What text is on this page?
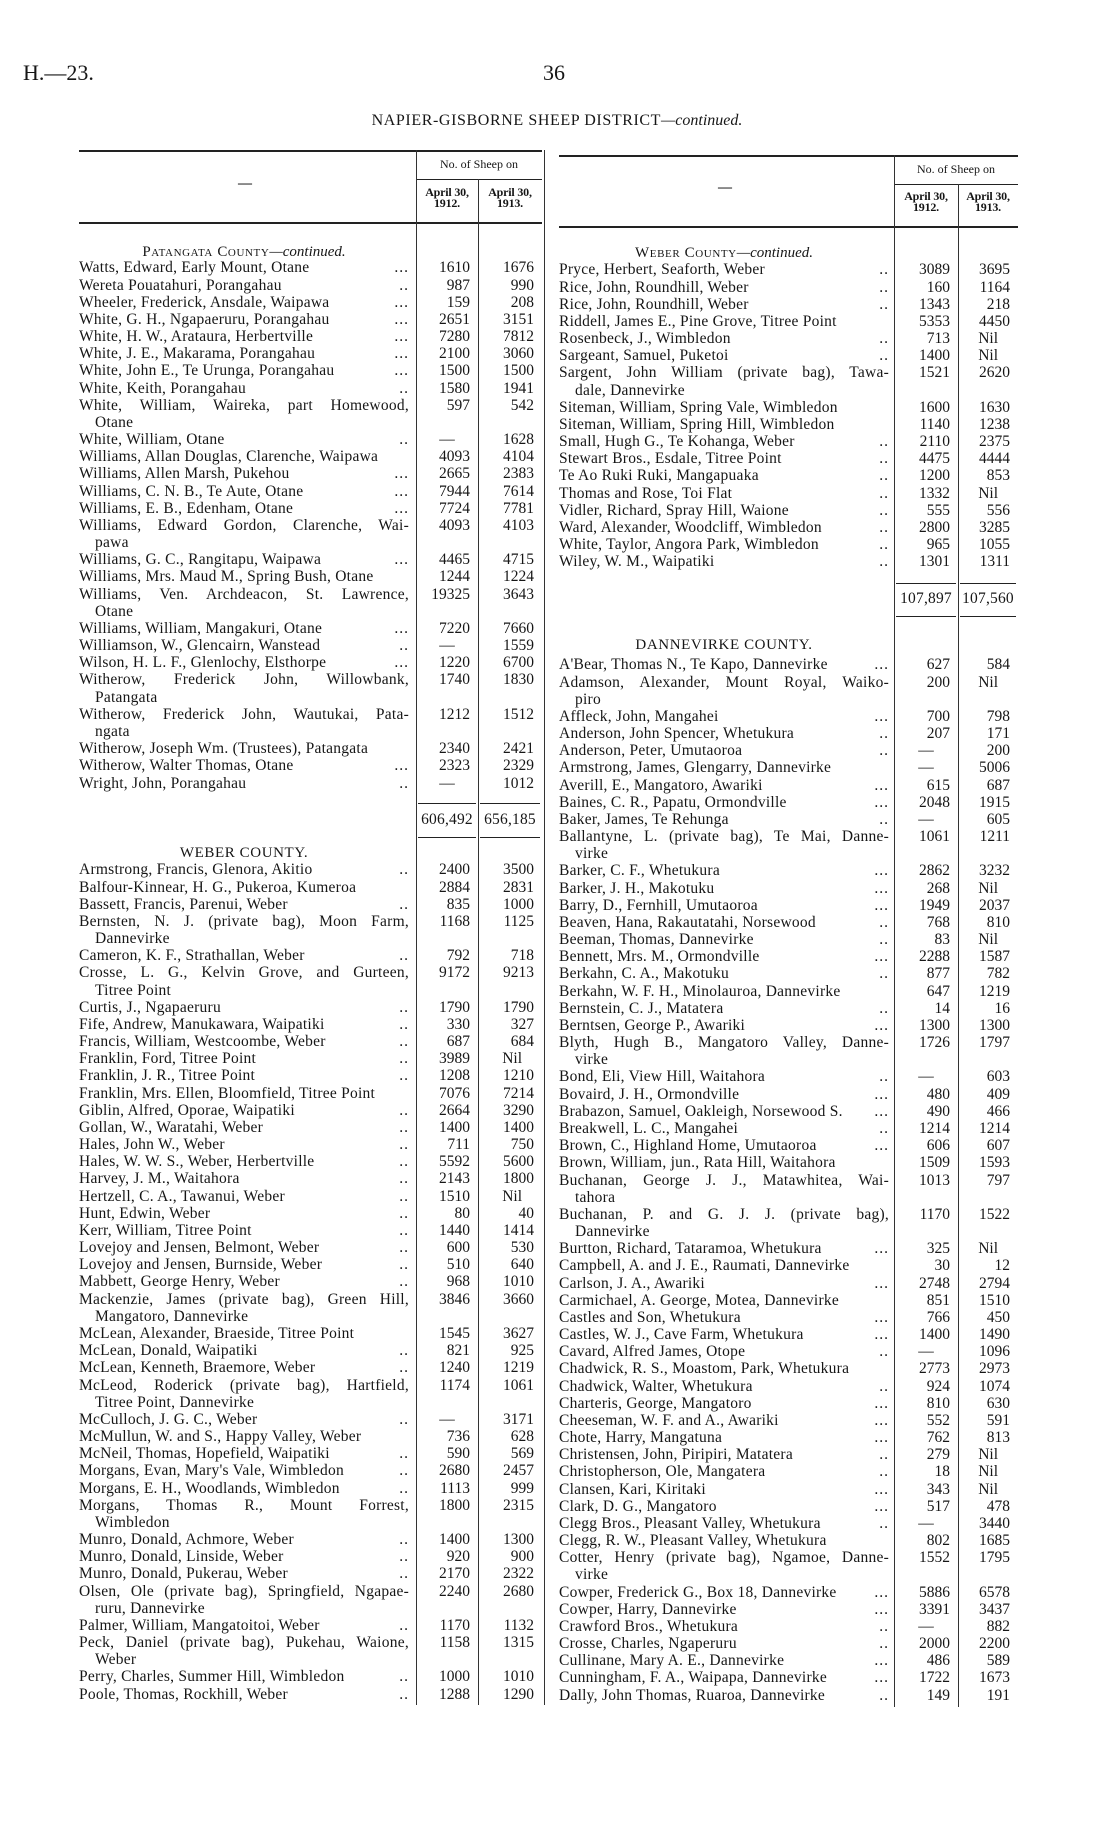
H.—23.	36
NAPIER-GISBORNE SHEEP DISTRICT—continued.
—
No. of Sheep on
April 30,
1912.
April 30,
1913.
Patangata County—continued.
Watts, Edward, Early Mount, Otane	...	1610	1676
Wereta Pouatahuri, Porangahau	..	987	990
Wheeler, Frederick, Ansdale, Waipawa	...	159	208
White, G. H., Ngapaeruru, Porangahau	...	2651	3151
White, H. W., Arataura, Herbertville	...	7280	7812
White, J. E., Makarama, Porangahau	...	2100	3060
White, John E., Te Urunga, Porangahau	...	1500	1500
White, Keith, Porangahau	..	1580	1941
White, William, Waireka, part Homewood,
Otane
597	542
White, William, Otane	..	—	1628
Williams, Allan Douglas, Clarenche, Waipawa	4093	4104
Williams, Allen Marsh, Pukehou	...	2665	2383
Williams, C. N. B., Te Aute, Otane	...	7944	7614
Williams, E. B., Edenham, Otane	...	7724	7781
Williams, Edward Gordon, Clarenche, Wai-
pawa
4093	4103
Williams, G. C., Rangitapu, Waipawa	...	4465	4715
Williams, Mrs. Maud M., Spring Bush, Otane	1244	1224
Williams, Ven. Archdeacon, St. Lawrence,
Otane
19325	3643
Williams, William, Mangakuri, Otane	...	7220	7660
Williamson, W., Glencairn, Wanstead	..	—	1559
Wilson, H. L. F., Glenlochy, Elsthorpe	...	1220	6700
Witherow, Frederick John, Willowbank,
Patangata
1740	1830
Witherow, Frederick John, Wautukai, Pata-
ngata
1212	1512
Witherow, Joseph Wm. (Trustees), Patangata	2340	2421
Witherow, Walter Thomas, Otane	...	2323	2329
Wright, John, Porangahau	..	—	1012
606,492 656,185
WEBER COUNTY.
Armstrong, Francis, Glenora, Akitio	..	2400	3500
Balfour-Kinnear, H. G., Pukeroa, Kumeroa	2884	2831
Bassett, Francis, Parenui, Weber	..	835	1000
Bernsten, N. J. (private bag), Moon Farm,
Dannevirke
1168	1125
Cameron, K. F., Strathallan, Weber	..	792	718
Crosse, L. G., Kelvin Grove, and Gurteen,
Titree Point
9172	9213
Curtis, J., Ngapaeruru	..	1790	1790
Fife, Andrew, Manukawara, Waipatiki	..	330	327
Francis, William, Westcoombe, Weber	..	687	684
Franklin, Ford, Titree Point	..	3989	Nil
Franklin, J. R., Titree Point	..	1208	1210
Franklin, Mrs. Ellen, Bloomfield, Titree Point	7076	7214
Giblin, Alfred, Oporae, Waipatiki	..	2664	3290
Gollan, W., Waratahi, Weber	..	1400	1400
Hales, John W., Weber	..	711	750
Hales, W. W. S., Weber, Herbertville	..	5592	5600
Harvey, J. M., Waitahora	..	2143	1800
Hertzell, C. A., Tawanui, Weber	..	1510	Nil
Hunt, Edwin, Weber	..	80	40
Kerr, William, Titree Point	..	1440	1414
Lovejoy and Jensen, Belmont, Weber	..	600	530
Lovejoy and Jensen, Burnside, Weber	..	510	640
Mabbett, George Henry, Weber	..	968	1010
Mackenzie, James (private bag), Green Hill,
Mangatoro, Dannevirke
3846	3660
McLean, Alexander, Braeside, Titree Point	1545	3627
McLean, Donald, Waipatiki	..	821	925
McLean, Kenneth, Braemore, Weber	..	1240	1219
McLeod, Roderick (private bag), Hartfield,
Titree Point, Dannevirke
1174	1061
McCulloch, J. G. C., Weber	..	—	3171
McMullun, W. and S., Happy Valley, Weber	736	628
McNeil, Thomas, Hopefield, Waipatiki	..	590	569
Morgans, Evan, Mary's Vale, Wimbledon	..	2680	2457
Morgans, E. H., Woodlands, Wimbledon	..	1113	999
Morgans, Thomas R., Mount Forrest,
Wimbledon
1800	2315
Munro, Donald, Achmore, Weber	..	1400	1300
Munro, Donald, Linside, Weber	..	920	900
Munro, Donald, Pukerau, Weber	..	2170	2322
Olsen, Ole (private bag), Springfield, Ngapae-
ruru, Dannevirke
2240	2680
Palmer, William, Mangatoitoi, Weber	..	1170	1132
Peck, Daniel (private bag), Pukehau, Waione,
Weber
1158	1315
Perry, Charles, Summer Hill, Wimbledon	..	1000	1010
Poole, Thomas, Rockhill, Weber	..	1288	1290
—
No. of Sheep on
April 30,
1912.
April 30,
1913.
Weber County—continued.
Pryce, Herbert, Seaforth, Weber	..	3089	3695
Rice, John, Roundhill, Weber	..	160	1164
Rice, John, Roundhill, Weber	..	1343	218
Riddell, James E., Pine Grove, Titree Point	5353	4450
Rosenbeck, J., Wimbledon	..	713	Nil
Sargeant, Samuel, Puketoi	..	1400	Nil
Sargent, John William (private bag), Tawa-
dale, Dannevirke
1521	2620
Siteman, William, Spring Vale, Wimbledon	1600	1630
Siteman, William, Spring Hill, Wimbledon	1140	1238
Small, Hugh G., Te Kohanga, Weber	..	2110	2375
Stewart Bros., Esdale, Titree Point	..	4475	4444
Te Ao Ruki Ruki, Mangapuaka	..	1200	853
Thomas and Rose, Toi Flat	..	1332	Nil
Vidler, Richard, Spray Hill, Waione	..	555	556
Ward, Alexander, Woodcliff, Wimbledon	..	2800	3285
White, Taylor, Angora Park, Wimbledon	..	965	1055
Wiley, W. M., Waipatiki	..	1301	1311
107,897 107,560
DANNEVIRKE COUNTY.
A'Bear, Thomas N., Te Kapo, Dannevirke	...	627	584
Adamson, Alexander, Mount Royal, Waiko-
piro
200	Nil
Affleck, John, Mangahei	...	700	798
Anderson, John Spencer, Whetukura	..	207	171
Anderson, Peter, Umutaoroa	..	—	200
Armstrong, James, Glengarry, Dannevirke	—	5006
Averill, E., Mangatoro, Awariki	...	615	687
Baines, C. R., Papatu, Ormondville	...	2048	1915
Baker, James, Te Rehunga	..	—	605
Ballantyne, L. (private bag), Te Mai, Danne-
virke
1061	1211
Barker, C. F., Whetukura	...	2862	3232
Barker, J. H., Makotuku	...	268	Nil
Barry, D., Fernhill, Umutaoroa	...	1949	2037
Beaven, Hana, Rakautatahi, Norsewood	..	768	810
Beeman, Thomas, Dannevirke	..	83	Nil
Bennett, Mrs. M., Ormondville	...	2288	1587
Berkahn, C. A., Makotuku	..	877	782
Berkahn, W. F. H., Minolauroa, Dannevirke	647	1219
Bernstein, C. J., Matatera	..	14	16
Berntsen, George P., Awariki	...	1300	1300
Blyth, Hugh B., Mangatoro Valley, Danne-
virke
1726	1797
Bond, Eli, View Hill, Waitahora	..	—	603
Bovaird, J. H., Ormondville	...	480	409
Brabazon, Samuel, Oakleigh, Norsewood S. ...	490	466
Breakwell, L. C., Mangahei	..	1214	1214
Brown, C., Highland Home, Umutaoroa	...	606	607
Brown, William, jun., Rata Hill, Waitahora	1509	1593
Buchanan, George J. J., Matawhitea, Wai-
tahora
1013	797
Buchanan, P. and G. J. J. (private bag),
Dannevirke
1170	1522
Burtton, Richard, Tataramoa, Whetukura	...	325	Nil
Campbell, A. and J. E., Raumati, Dannevirke	30	12
Carlson, J. A., Awariki	...	2748	2794
Carmichael, A. George, Motea, Dannevirke	851	1510
Castles and Son, Whetukura	...	766	450
Castles, W. J., Cave Farm, Whetukura	...	1400	1490
Cavard, Alfred James, Otope	..	—	1096
Chadwick, R. S., Moastom, Park, Whetukura	2773	2973
Chadwick, Walter, Whetukura	..	924	1074
Charteris, George, Mangatoro	...	810	630
Cheeseman, W. F. and A., Awariki	...	552	591
Chote, Harry, Mangatuna	...	762	813
Christensen, John, Piripiri, Matatera	..	279	Nil
Christopherson, Ole, Mangatera	..	18	Nil
Clansen, Kari, Kiritaki	...	343	Nil
Clark, D. G., Mangatoro	...	517	478
Clegg Bros., Pleasant Valley, Whetukura	..	—	3440
Clegg, R. W., Pleasant Valley, Whetukura	802	1685
Cotter, Henry (private bag), Ngamoe, Danne-
virke
1552	1795
Cowper, Frederick G., Box 18, Dannevirke ...	5886	6578
Cowper, Harry, Dannevirke	...	3391	3437
Crawford Bros., Whetukura	..	—	882
Crosse, Charles, Ngaperuru	..	2000	2200
Cullinane, Mary A. E., Dannevirke	...	486	589
Cunningham, F. A., Waipapa, Dannevirke	...	1722	1673
Dally, John Thomas, Ruaroa, Dannevirke	..	149	191
